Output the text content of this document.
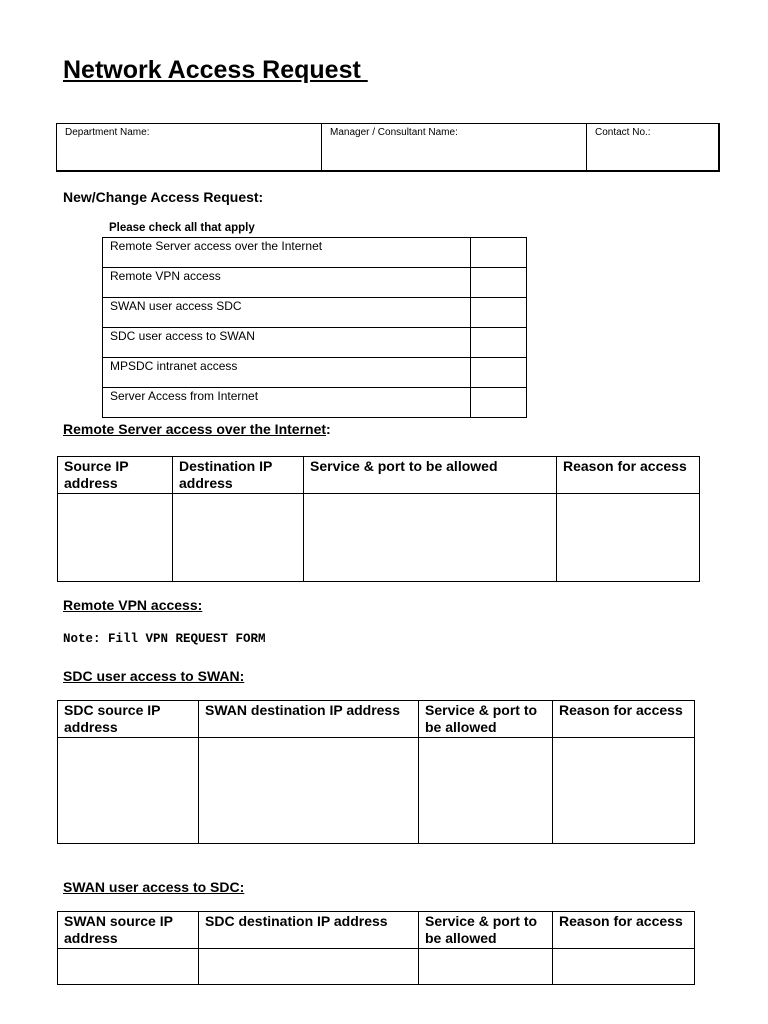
Network Access Request
Department Name:	Manager / Consultant Name:	Contact No.:
New/Change Access Request:
Please check all that apply
Remote Server access over the Internet	
Remote VPN access	
SWAN user access SDC	
SDC user access to SWAN	
MPSDC intranet access	
Server Access from Internet	
Remote Server access over the Internet:
Source IP address	Destination IP address	Service & port to be allowed	Reason for access

Remote VPN access:
Note: Fill VPN REQUEST FORM
SDC user access to SWAN:
SDC source IP address	SWAN destination IP address	Service & port to be allowed	Reason for access

SWAN user access to SDC:
SWAN source IP address	SDC destination IP address	Service & port to be allowed	Reason for access
